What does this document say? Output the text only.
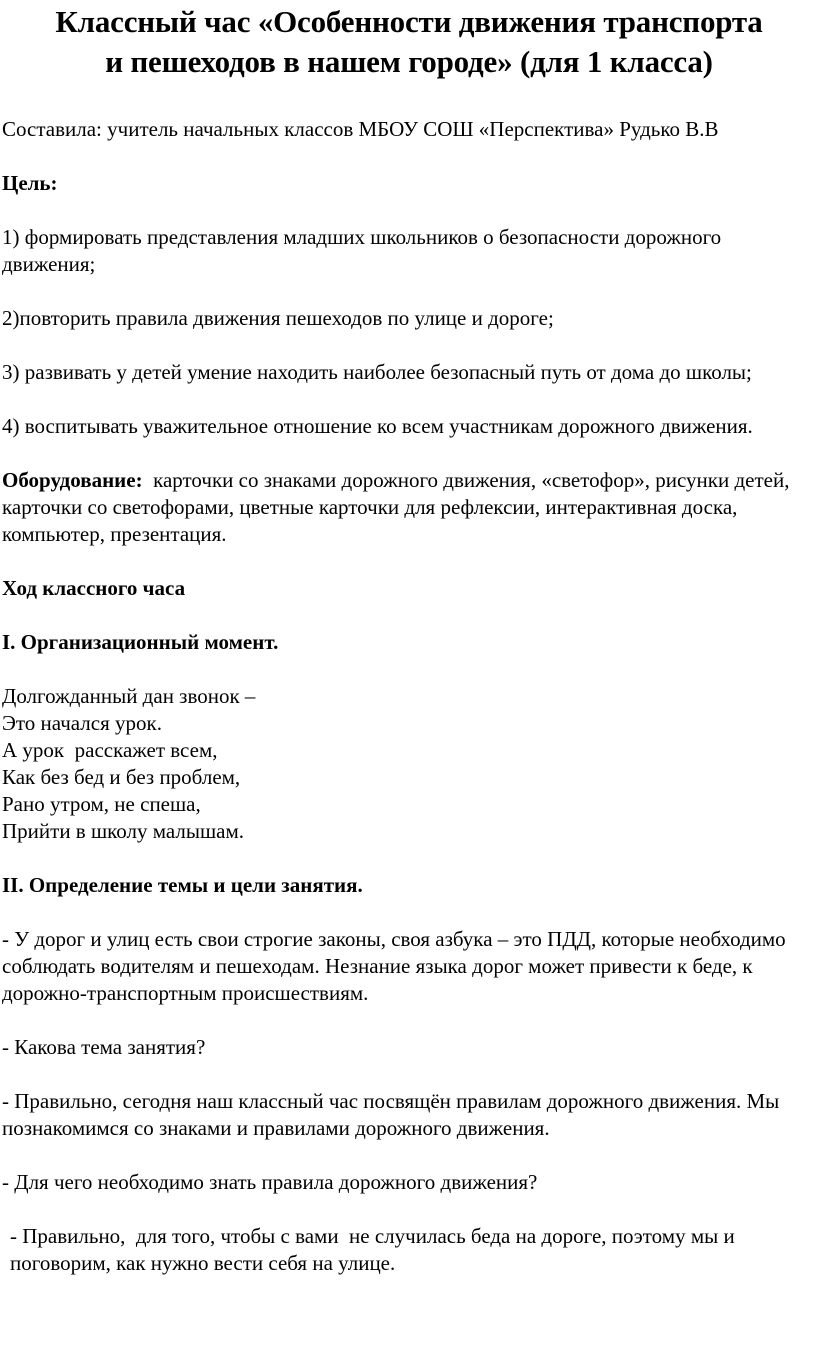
Классный час «Особенности движения транспорта
и пешеходов в нашем городе» (для 1 класса)

Составила: учитель начальных классов МБОУ СОШ «Перспектива» Рудько В.В

Цель:

1) формировать представления младших школьников о безопасности дорожного движения;

2)повторить правила движения пешеходов по улице и дороге;

3) развивать у детей умение находить наиболее безопасный путь от дома до школы;

4) воспитывать уважительное отношение ко всем участникам дорожного движения.

Оборудование:  карточки со знаками дорожного движения, «светофор», рисунки детей, карточки со светофорами, цветные карточки для рефлексии, интерактивная доска, компьютер, презентация.

Ход классного часа

I. Организационный момент.

Долгожданный дан звонок –
Это начался урок.
А урок  расскажет всем,
Как без бед и без проблем,
Рано утром, не спеша,
Прийти в школу малышам.

II. Определение темы и цели занятия.

- У дорог и улиц есть свои строгие законы, своя азбука – это ПДД, которые необходимо соблюдать водителям и пешеходам. Незнание языка дорог может привести к беде, к дорожно-транспортным происшествиям.

- Какова тема занятия?

- Правильно, сегодня наш классный час посвящён правилам дорожного движения. Мы познакомимся со знаками и правилами дорожного движения.

- Для чего необходимо знать правила дорожного движения?

- Правильно,  для того, чтобы с вами  не случилась беда на дороге, поэтому мы и поговорим, как нужно вести себя на улице.
